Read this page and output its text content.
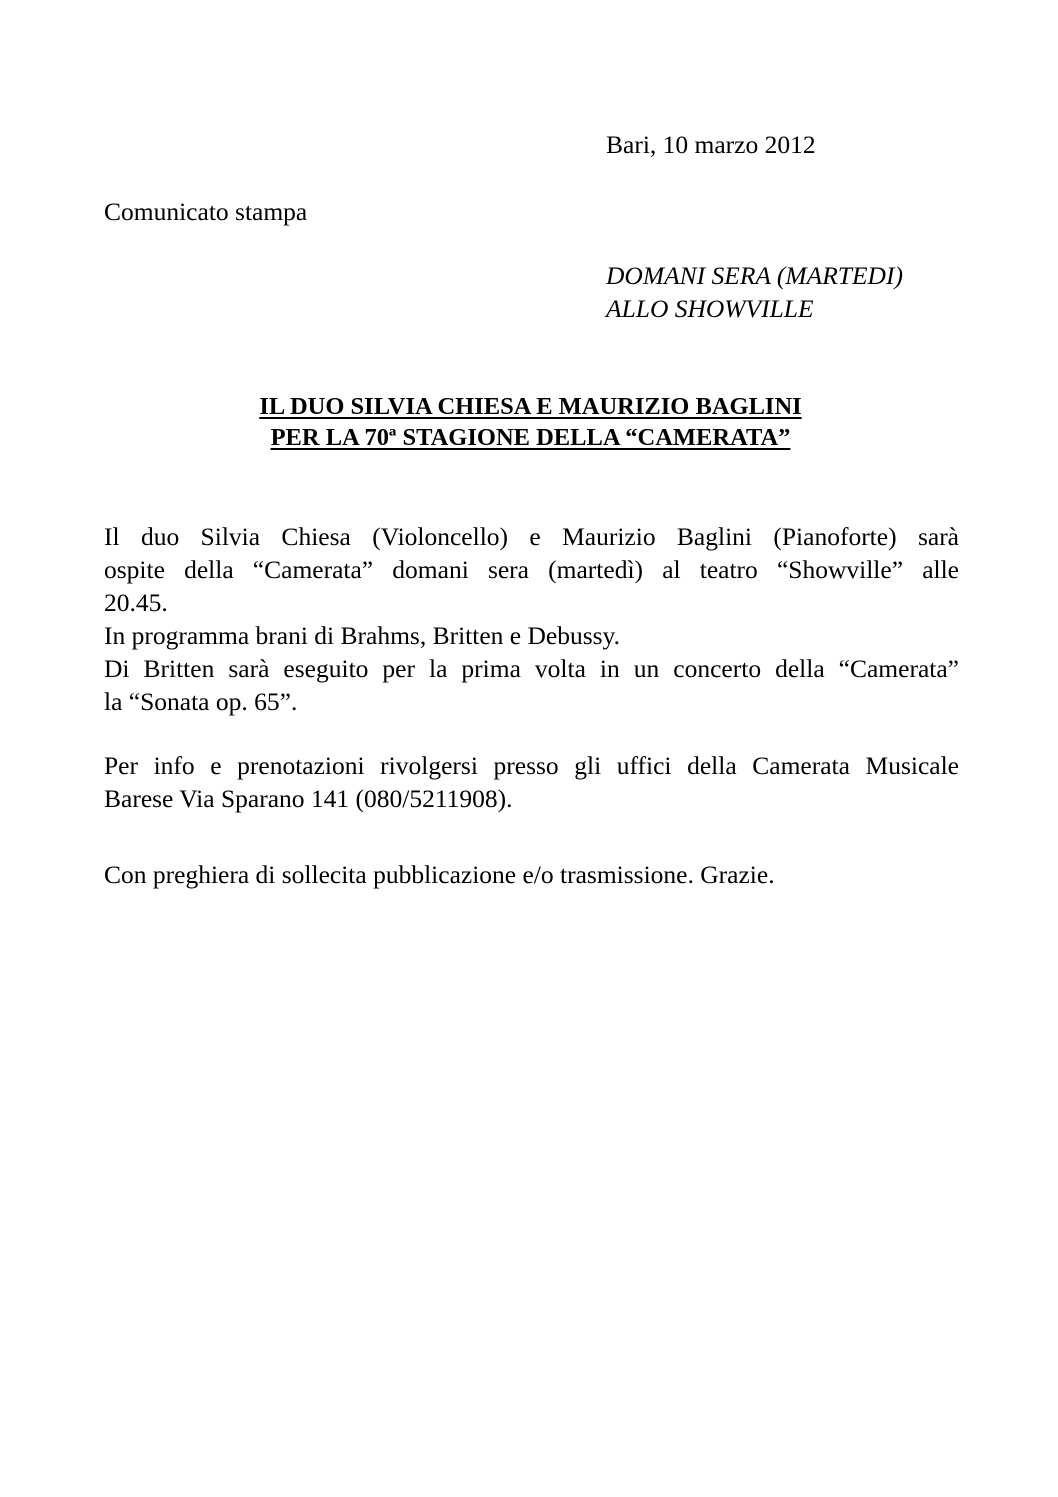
Bari, 10 marzo 2012
Comunicato stampa
DOMANI SERA (MARTEDI)
ALLO SHOWVILLE
IL DUO SILVIA CHIESA E MAURIZIO BAGLINI
PER LA 70ª STAGIONE DELLA “CAMERATA”
Il duo Silvia Chiesa (Violoncello) e Maurizio Baglini (Pianoforte) sarà
ospite della “Camerata” domani sera (martedì) al teatro “Showville” alle
20.45.
In programma brani di Brahms, Britten e Debussy.
Di Britten sarà eseguito per la prima volta in un concerto della “Camerata”
la “Sonata op. 65”.
Per info e prenotazioni rivolgersi presso gli uffici della Camerata Musicale
Barese Via Sparano 141 (080/5211908).
Con preghiera di sollecita pubblicazione e/o trasmissione. Grazie.
